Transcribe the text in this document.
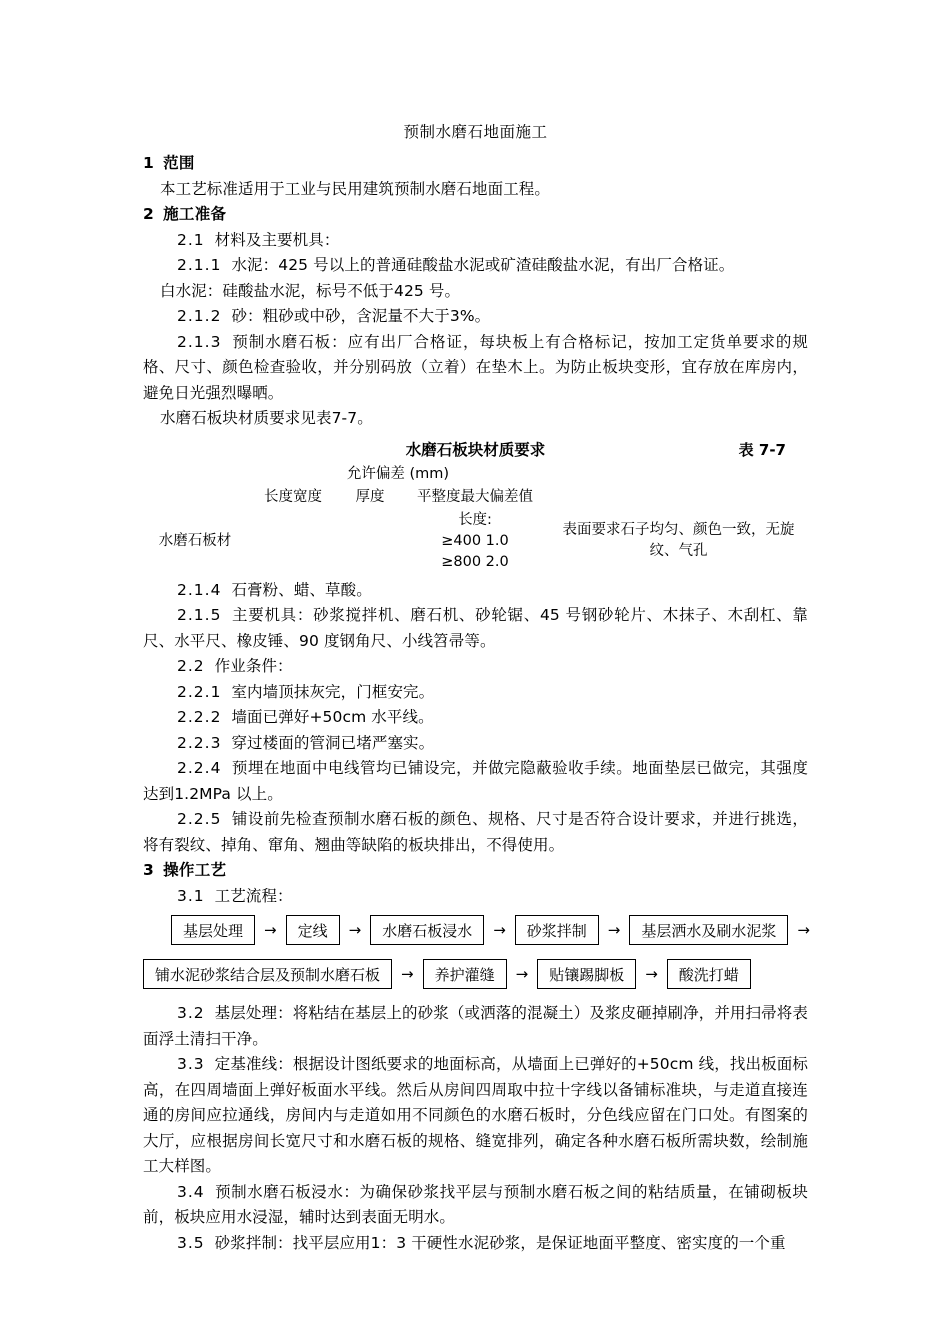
预制水磨石地面施工
1 范围
本工艺标准适用于工业与民用建筑预制水磨石地面工程。
2 施工准备
2.1 材料及主要机具：
2.1.1 水泥：425 号以上的普通硅酸盐水泥或矿渣硅酸盐水泥，有出厂合格证。
白水泥：硅酸盐水泥，标号不低于425 号。
2.1.2 砂：粗砂或中砂，含泥量不大于3%。
2.1.3 预制水磨石板：应有出厂合格证，每块板上有合格标记，按加工定货单要求的规格、尺寸、颜色检查验收，并分别码放（立着）在垫木上。为防止板块变形，宜存放在库房内，避免日光强烈曝晒。
水磨石板块材质要求见表7-7。
水磨石板块材质要求	表 7-7
	允许偏差 (mm)			
	长度宽度	厚度	平整度最大偏差值	
水磨石板材			长度:
≥400 1.0
≥800 2.0	表面要求石子均匀、颜色一致，无旋纹、气孔
2.1.4 石膏粉、蜡、草酸。
2.1.5 主要机具：砂浆搅拌机、磨石机、砂轮锯、45 号钢砂轮片、木抹子、木刮杠、靠尺、水平尺、橡皮锤、90 度钢角尺、小线笤帚等。
2.2 作业条件：
2.2.1 室内墙顶抹灰完，门框安完。
2.2.2 墙面已弹好+50cm 水平线。
2.2.3 穿过楼面的管洞已堵严塞实。
2.2.4 预埋在地面中电线管均已铺设完，并做完隐蔽验收手续。地面垫层已做完，其强度达到1.2MPa 以上。
2.2.5 铺设前先检查预制水磨石板的颜色、规格、尺寸是否符合设计要求，并进行挑选，将有裂纹、掉角、窜角、翘曲等缺陷的板块排出，不得使用。
3 操作工艺
3.1 工艺流程：
基层处理	→	定线	→	水磨石板浸水	→	砂浆拌制	→	基层洒水及刷水泥浆	→
铺水泥砂浆结合层及预制水磨石板	→	养护灌缝	→	贴镶踢脚板	→	酸洗打蜡
3.2 基层处理：将粘结在基层上的砂浆（或洒落的混凝土）及浆皮砸掉刷净，并用扫帚将表面浮土清扫干净。
3.3 定基准线：根据设计图纸要求的地面标高，从墙面上已弹好的+50cm 线，找出板面标高，在四周墙面上弹好板面水平线。然后从房间四周取中拉十字线以备铺标准块，与走道直接连通的房间应拉通线，房间内与走道如用不同颜色的水磨石板时，分色线应留在门口处。有图案的大厅，应根据房间长宽尺寸和水磨石板的规格、缝宽排列，确定各种水磨石板所需块数，绘制施工大样图。
3.4 预制水磨石板浸水：为确保砂浆找平层与预制水磨石板之间的粘结质量，在铺砌板块前，板块应用水浸湿，辅时达到表面无明水。
3.5 砂浆拌制：找平层应用1：3 干硬性水泥砂浆，是保证地面平整度、密实度的一个重
